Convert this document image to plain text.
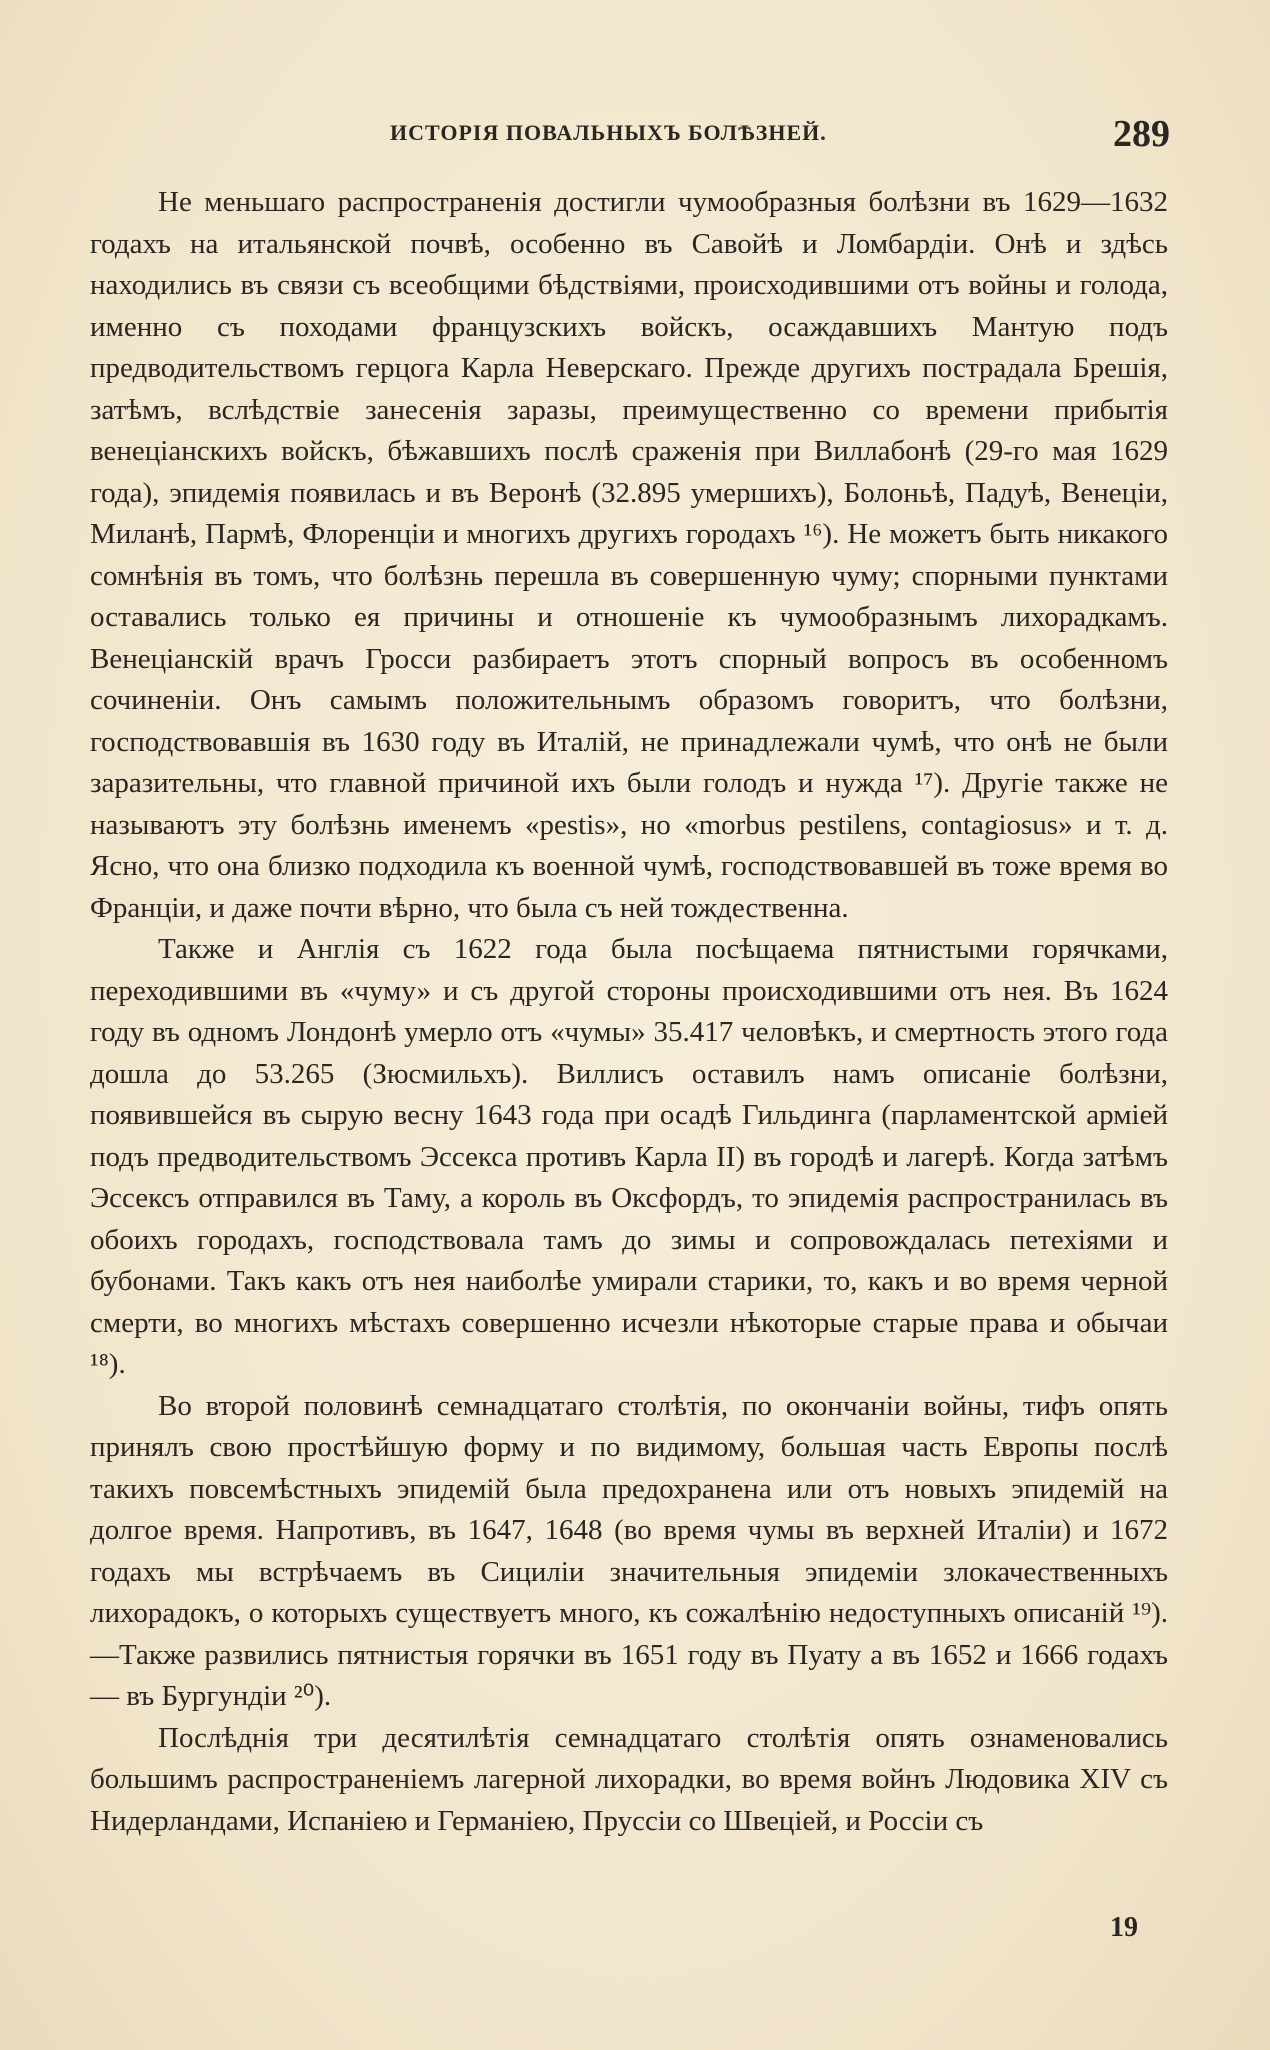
ИСТОРІЯ ПОВАЛЬНЫХЪ БОЛѢЗНЕЙ.	289

Не меньшаго распространенія достигли чумообразныя болѣзни въ 1629—1632 годахъ на итальянской почвѣ, особенно въ Савойѣ и Ломбардіи. Онѣ и здѣсь находились въ связи съ всеобщими бѣдствіями, происходившими отъ войны и голода, именно съ походами французскихъ войскъ, осаждавшихъ Мантую подъ предводительствомъ герцога Карла Неверскаго. Прежде другихъ пострадала Брешія, затѣмъ, вслѣдствіе занесенія заразы, преимущественно со времени прибытія венеціанскихъ войскъ, бѣжавшихъ послѣ сраженія при Виллабонѣ (29-го мая 1629 года), эпидемія появилась и въ Веронѣ (32.895 умершихъ), Болоньѣ, Падуѣ, Венеціи, Миланѣ, Пармѣ, Флоренціи и многихъ другихъ городахъ ¹⁶). Не можетъ быть никакого сомнѣнія въ томъ, что болѣзнь перешла въ совершенную чуму; спорными пунктами оставались только ея причины и отношеніе къ чумообразнымъ лихорадкамъ. Венеціанскій врачъ Гросси разбираетъ этотъ спорный вопросъ въ особенномъ сочиненіи. Онъ самымъ положительнымъ образомъ говоритъ, что болѣзни, господствовавшія въ 1630 году въ Италій, не принадлежали чумѣ, что онѣ не были заразительны, что главной причиной ихъ были голодъ и нужда ¹⁷). Другіе также не называютъ эту болѣзнь именемъ «pestis», но «morbus pestilens, contagiosus» и т. д. Ясно, что она близко подходила къ военной чумѣ, господствовавшей въ тоже время во Франціи, и даже почти вѣрно, что была съ ней тождественна.

Также и Англія съ 1622 года была посѣщаема пятнистыми горячками, переходившими въ «чуму» и съ другой стороны происходившими отъ нея. Въ 1624 году въ одномъ Лондонѣ умерло отъ «чумы» 35.417 человѣкъ, и смертность этого года дошла до 53.265 (Зюсмильхъ). Виллисъ оставилъ намъ описаніе болѣзни, появившейся въ сырую весну 1643 года при осадѣ Гильдинга (парламентской арміей подъ предводительствомъ Эссекса противъ Карла II) въ городѣ и лагерѣ. Когда затѣмъ Эссексъ отправился въ Таму, а король въ Оксфордъ, то эпидемія распространилась въ обоихъ городахъ, господствовала тамъ до зимы и сопровождалась петехіями и бубонами. Такъ какъ отъ нея наиболѣе умирали старики, то, какъ и во время черной смерти, во многихъ мѣстахъ совершенно исчезли нѣкоторые старые права и обычаи ¹⁸).

Во второй половинѣ семнадцатаго столѣтія, по окончаніи войны, тифъ опять принялъ свою простѣйшую форму и по видимому, большая часть Европы послѣ такихъ повсемѣстныхъ эпидемій была предохранена или отъ новыхъ эпидемій на долгое время. Напротивъ, въ 1647, 1648 (во время чумы въ верхней Италіи) и 1672 годахъ мы встрѣчаемъ въ Сициліи значительныя эпидеміи злокачественныхъ лихорадокъ, о которыхъ существуетъ много, къ сожалѣнію недоступныхъ описаній ¹⁹).—Также развились пятнистыя горячки въ 1651 году въ Пуату а въ 1652 и 1666 годахъ — въ Бургундіи ²⁰).

Послѣднія три десятилѣтія семнадцатаго столѣтія опять ознаменовались большимъ распространеніемъ лагерной лихорадки, во время войнъ Людовика XIV съ Нидерландами, Испаніею и Германіею, Пруссіи со Швеціей, и Россіи съ

19
